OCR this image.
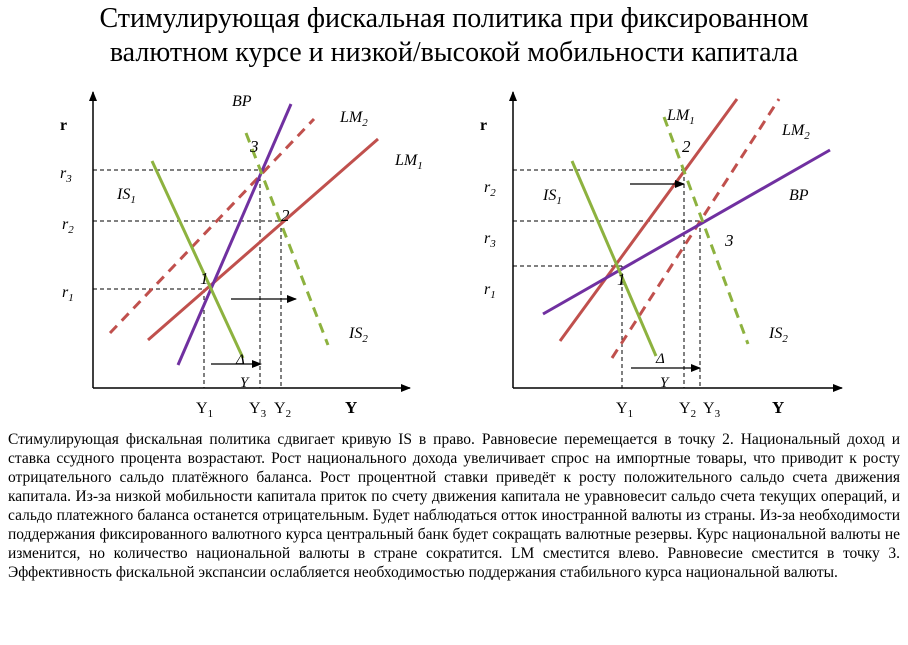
Стимулирующая фискальная политика при фиксированном
валютном курсе и низкой/высокой мобильности капитала
r
Y
$r_3$
$r_2$
$r_1$
BP
$LM_2$
$LM_1$
$IS_1$
$IS_2$
1
2
3
Δ
Y
$Y_1$ $Y_3$ $Y_2$
r
Y
$r_2$
$r_3$
$r_1$
$LM_1$
$LM_2$
BP
$IS_1$
$IS_2$
1
2
3
Δ
Y
$Y_1$	$Y_2$ $Y_3$
Стимулирующая фискальная политика сдвигает кривую IS в право. Равновесие перемещается в точку 2. Национальный доход и ставка ссудного процента возрастают. Рост национального дохода увеличивает спрос на импортные товары, что приводит к росту отрицательного сальдо платёжного баланса. Рост процентной ставки приведёт к росту положительного сальдо счета движения капитала. Из-за низкой мобильности капитала приток по счету движения капитала не уравновесит сальдо счета текущих операций, и сальдо платежного баланса останется отрицательным. Будет наблюдаться отток иностранной валюты из страны. Из-за необходимости поддержания фиксированного валютного курса центральный банк будет сокращать валютные резервы. Курс национальной валюты не изменится, но количество национальной валюты в стране сократится. LM сместится влево. Равновесие сместится в точку 3. Эффективность фискальной экспансии ослабляется необходимостью поддержания стабильного курса национальной валюты.
